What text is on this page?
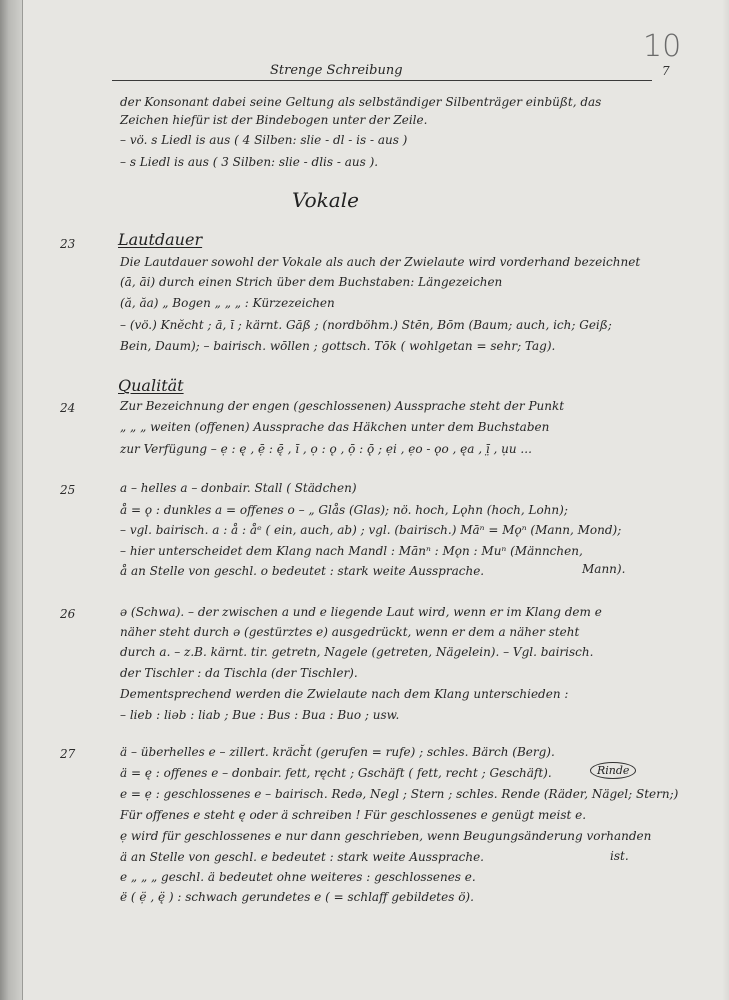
10
Strenge Schreibung	7
der Konsonant dabei seine Geltung als selbständiger Silbenträger einbüßt, das
Zeichen hiefür ist der Bindebogen unter der Zeile.
– vö. s Liedl is aus ( 4 Silben: slie - dl - is - aus )
– s Liedl is aus ( 3 Silben: slie - dlis - aus ).
Vokale
23	Lautdauer
Die Lautdauer sowohl der Vokale als auch der Zwielaute wird vorderhand bezeichnet
(ā, āi) durch einen Strich über dem Buchstaben: Längezeichen
(ă, ăa) „ Bogen „ „ „ : Kürzezeichen
– (vö.) Knĕcht ; ā, ī ; kärnt. Gāß ; (nordböhm.) Stēn, Bōm (Baum; auch, ich; Geiß;
Bein, Daum); – bairisch. wōllen ; gottsch. Tōk ( wohlgetan = sehr; Tag).
Qualität
24	Zur Bezeichnung der engen (geschlossenen) Aussprache steht der Punkt
„ „ „ weiten (offenen) Aussprache das Häkchen unter dem Buchstaben
zur Verfügung – ẹ : ę , ẹ̄ : ę̄ , ī , ọ : ǫ , ọ̄ : ǭ ; ẹi , ẹo - ǫo , ęa , ī̤ , ụu ...
25	a – helles a – donbair. Stall ( Städchen)
å = ǫ : dunkles a = offenes o – „ Glås (Glas); nö. hoch, Lǫhn (hoch, Lohn);
– vgl. bairisch. a : å : åᵉ ( ein, auch, ab) ; vgl. (bairisch.) Māⁿ = Mǫⁿ (Mann, Mond);
– hier unterscheidet dem Klang nach Mandl : Mānⁿ : Mǫn : Muⁿ (Männchen,
å an Stelle von geschl. o bedeutet : stark weite Aussprache.	Mann).
26	ə (Schwa). – der zwischen a und e liegende Laut wird, wenn er im Klang dem e
näher steht durch ə (gestürztes e) ausgedrückt, wenn er dem a näher steht
durch a. – z.B. kärnt. tir. getretn, Nagele (getreten, Nägelein). – Vgl. bairisch.
der Tischler : da Tischla (der Tischler).
Dementsprechend werden die Zwielaute nach dem Klang unterschieden :
– lieb : liəb : liab ; Bue : Bus : Bua : Buo ; usw.
27	ä – überhelles e – zillert. kräch̆t (gerufen = rufe) ; schles. Bärch (Berg).
ä = ę : offenes e – donbair. fett, ręcht ; Gschäft ( fett, recht ; Geschäft).	Rinde
e = ẹ : geschlossenes e – bairisch. Redə, Negl ; Stern ; schles. Rende (Räder, Nägel; Stern;)
Für offenes e steht ę oder ä schreiben ! Für geschlossenes e genügt meist e.
ẹ wird für geschlossenes e nur dann geschrieben, wenn Beugungsänderung vorhanden
ä an Stelle von geschl. e bedeutet : stark weite Aussprache.	ist.
e „ „ „ geschl. ä bedeutet ohne weiteres : geschlossenes e.
ë ( ẹ̈ , ę̈ ) : schwach gerundetes e ( = schlaff gebildetes ö).
